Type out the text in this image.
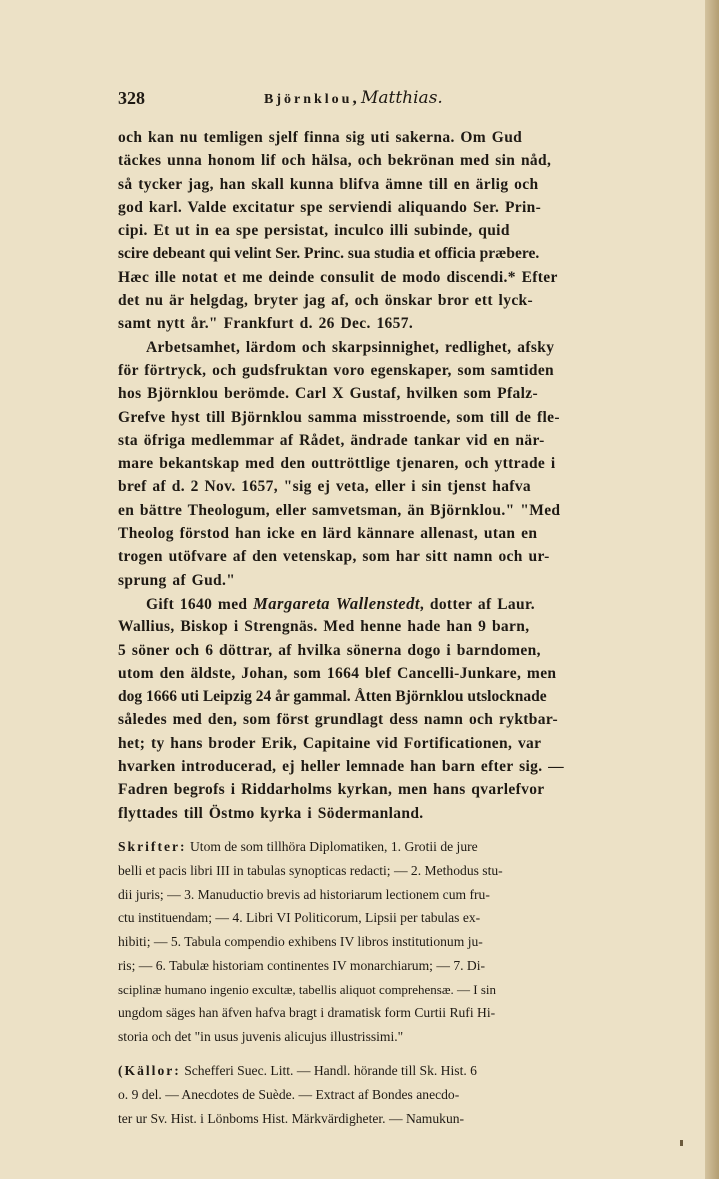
328	Björnklou, Matthias.
och kan nu temligen sjelf finna sig uti sakerna. Om Gud
täckes unna honom lif och hälsa, och bekrönan med sin nåd,
så tycker jag, han skall kunna blifva ämne till en ärlig och
god karl. Valde excitatur spe serviendi aliquando Ser. Prin-
cipi. Et ut in ea spe persistat, inculco illi subinde, quid
scire debeant qui velint Ser. Princ. sua studia et officia præbere.
Hæc ille notat et me deinde consulit de modo discendi.* Efter
det nu är helgdag, bryter jag af, och önskar bror ett lyck-
samt nytt år." Frankfurt d. 26 Dec. 1657.
Arbetsamhet, lärdom och skarpsinnighet, redlighet, afsky
för förtryck, och gudsfruktan voro egenskaper, som samtiden
hos Björnklou berömde. Carl X Gustaf, hvilken som Pfalz-
Grefve hyst till Björnklou samma misstroende, som till de fle-
sta öfriga medlemmar af Rådet, ändrade tankar vid en när-
mare bekantskap med den outtröttlige tjenaren, och yttrade i
bref af d. 2 Nov. 1657, "sig ej veta, eller i sin tjenst hafva
en bättre Theologum, eller samvetsman, än Björnklou." "Med
Theolog förstod han icke en lärd kännare allenast, utan en
trogen utöfvare af den vetenskap, som har sitt namn och ur-
sprung af Gud."
Gift 1640 med Margareta Wallenstedt, dotter af Laur.
Wallius, Biskop i Strengnäs. Med henne hade han 9 barn,
5 söner och 6 döttrar, af hvilka sönerna dogo i barndomen,
utom den äldste, Johan, som 1664 blef Cancelli-Junkare, men
dog 1666 uti Leipzig 24 år gammal. Åtten Björnklou utslocknade
således med den, som först grundlagt dess namn och ryktbar-
het; ty hans broder Erik, Capitaine vid Fortificationen, var
hvarken introducerad, ej heller lemnade han barn efter sig. —
Fadren begrofs i Riddarholms kyrkan, men hans qvarlefvor
flyttades till Östmo kyrka i Södermanland.
Skrifter: Utom de som tillhöra Diplomatiken, 1. Grotii de jure
belli et pacis libri III in tabulas synopticas redacti; — 2. Methodus stu-
dii juris; — 3. Manuductio brevis ad historiarum lectionem cum fru-
ctu instituendam; — 4. Libri VI Politicorum, Lipsii per tabulas ex-
hibiti; — 5. Tabula compendio exhibens IV libros institutionum ju-
ris; — 6. Tabulæ historiam continentes IV monarchiarum; — 7. Di-
sciplinæ humano ingenio excultæ, tabellis aliquot comprehensæ. — I sin
ungdom säges han äfven hafva bragt i dramatisk form Curtii Rufi Hi-
storia och det "in usus juvenis alicujus illustrissimi."
(Källor: Schefferi Suec. Litt. — Handl. hörande till Sk. Hist. 6
o. 9 del. — Anecdotes de Suède. — Extract af Bondes anecdo-
ter ur Sv. Hist. i Lönboms Hist. Märkvärdigheter. — Namukun-
